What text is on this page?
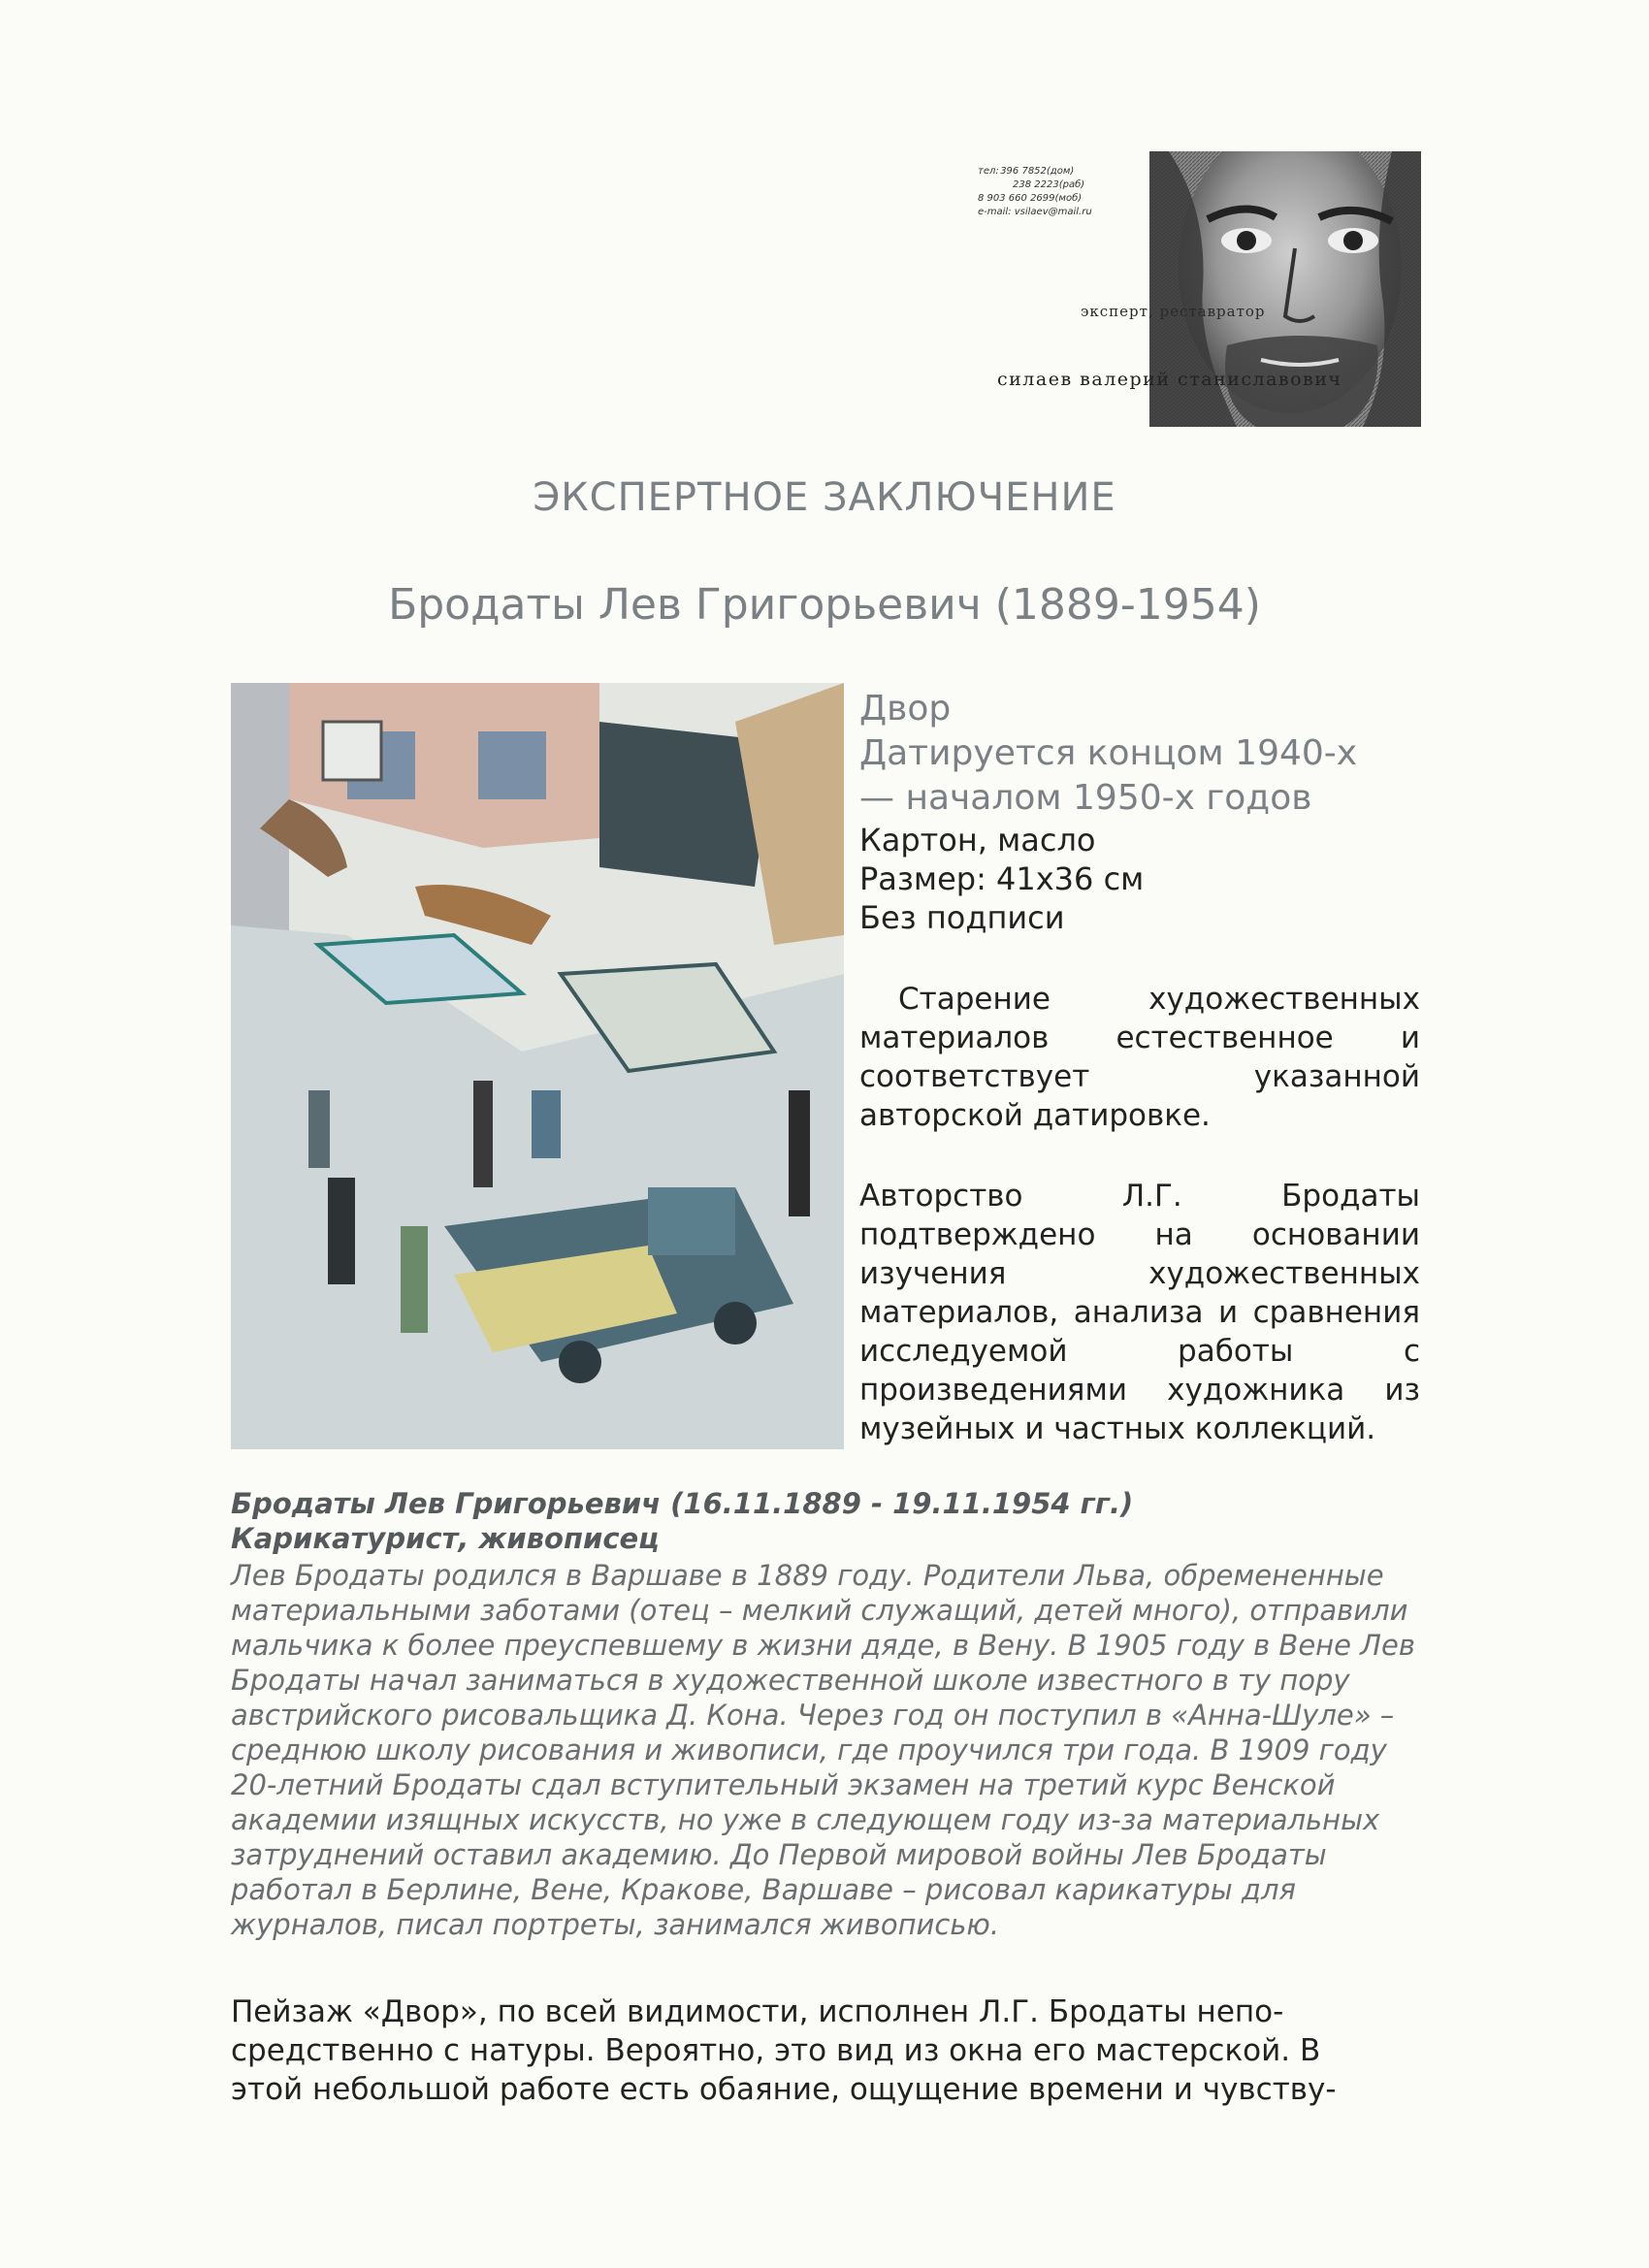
тел: 396 7852(дом)
238 2223(раб)
8 903 660 2699(моб)
e-mail: vsilaev@mail.ru
эксперт, реставратор
силаев валерий станиславович
ЭКСПЕРТНОЕ ЗАКЛЮЧЕНИЕ
Бродаты Лев Григорьевич (1889-1954)
Двор
Датируется концом 1940-х
— началом 1950-х годов
Картон, масло
Размер: 41х36 см
Без подписи
Старение художественных материалов естественное и соответствует указанной авторской датировке.
Авторство Л.Г. Бродаты подтверждено на основании изучения художественных материалов, анализа и сравнения исследуемой работы с произведениями художника из музейных и частных коллекций.
Бродаты Лев Григорьевич (16.11.1889 - 19.11.1954 гг.)
Карикатурист, живописец
Лев Бродаты родился в Варшаве в 1889 году. Родители Льва, обремененные
материальными заботами (отец – мелкий служащий, детей много), отправили
мальчика к более преуспевшему в жизни дяде, в Вену. В 1905 году в Вене Лев
Бродаты начал заниматься в художественной школе известного в ту пору
австрийского рисовальщика Д. Кона. Через год он поступил в «Анна-Шуле» –
среднюю школу рисования и живописи, где проучился три года. В 1909 году
20-летний Бродаты сдал вступительный экзамен на третий курс Венской
академии изящных искусств, но уже в следующем году из-за материальных
затруднений оставил академию. До Первой мировой войны Лев Бродаты
работал в Берлине, Вене, Кракове, Варшаве – рисовал карикатуры для
журналов, писал портреты, занимался живописью.
Пейзаж «Двор», по всей видимости, исполнен Л.Г. Бродаты непо-
средственно с натуры. Вероятно, это вид из окна его мастерской. В
этой небольшой работе есть обаяние, ощущение времени и чувству-
